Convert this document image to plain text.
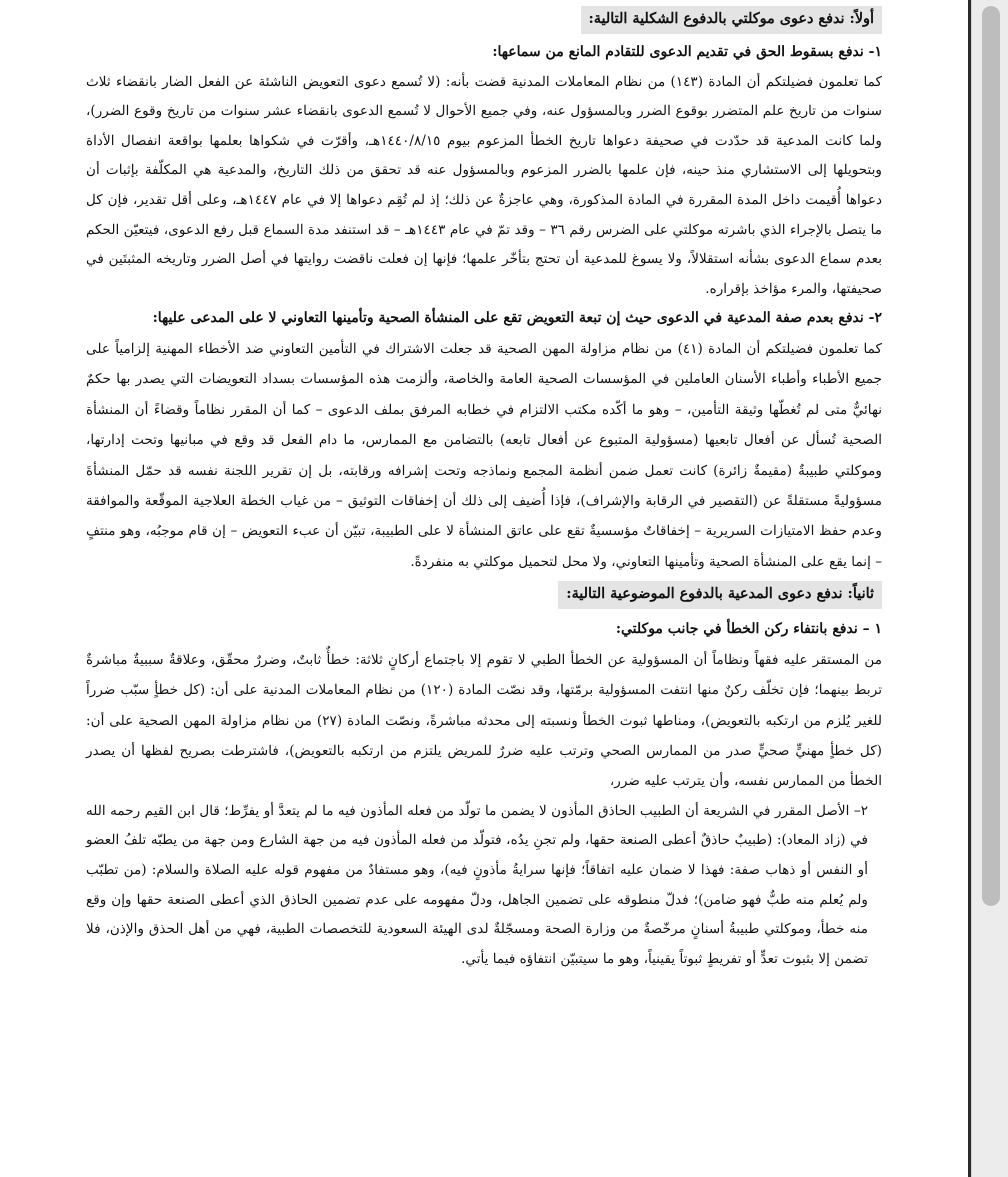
أولاً: ندفع دعوى موكلتي بالدفوع الشكلية التالية:
١- ندفع بسقوط الحق في تقديم الدعوى للتقادم المانع من سماعها:

كما تعلمون فضيلتكم أن المادة (١٤٣) من نظام المعاملات المدنية قضت بأنه: (لا تُسمع دعوى التعويض الناشئة عن الفعل الضار بانقضاء ثلاث سنوات من تاريخ علم المتضرر بوقوع الضرر وبالمسؤول عنه، وفي جميع الأحوال لا تُسمع الدعوى بانقضاء عشر سنوات من تاريخ وقوع الضرر)، ولما كانت المدعية قد حدّدت في صحيفة دعواها تاريخ الخطأ المزعوم بيوم ١٤٤٠/٨/١٥هـ، وأقرّت في شكواها بعلمها بواقعة انفصال الأداة وبتحويلها إلى الاستشاري منذ حينه، فإن علمها بالضرر المزعوم وبالمسؤول عنه قد تحقق من ذلك التاريخ، والمدعية هي المكلّفة بإثبات أن دعواها أُقيمت داخل المدة المقررة في المادة المذكورة، وهي عاجزةٌ عن ذلك؛ إذ لم تُقِم دعواها إلا في عام ١٤٤٧هـ، وعلى أقل تقدير، فإن كل ما يتصل بالإجراء الذي باشرته موكلتي على الضرس رقم ٣٦ – وقد تمّ في عام ١٤٤٣هـ – قد استنفد مدة السماع قبل رفع الدعوى، فيتعيّن الحكم بعدم سماع الدعوى بشأنه استقلالاً، ولا يسوغ للمدعية أن تحتج بتأخّر علمها؛ فإنها إن فعلت ناقضت روايتها في أصل الضرر وتاريخه المثبتَين في صحيفتها، والمرء مؤاخذ بإقراره.

٢- ندفع بعدم صفة المدعية في الدعوى حيث إن تبعة التعويض تقع على المنشأة الصحية وتأمينها التعاوني لا على المدعى عليها:

كما تعلمون فضيلتكم أن المادة (٤١) من نظام مزاولة المهن الصحية قد جعلت الاشتراك في التأمين التعاوني ضد الأخطاء المهنية إلزامياً على جميع الأطباء وأطباء الأسنان العاملين في المؤسسات الصحية العامة والخاصة، وألزمت هذه المؤسسات بسداد التعويضات التي يصدر بها حكمٌ نهائيٌّ متى لم تُغطّها وثيقة التأمين، – وهو ما أكّده مكتب الالتزام في خطابه المرفق بملف الدعوى – كما أن المقرر نظاماً وقضاءً أن المنشأة الصحية تُسأل عن أفعال تابعيها (مسؤولية المتبوع عن أفعال تابعه) بالتضامن مع الممارس، ما دام الفعل قد وقع في مبانيها وتحت إدارتها، وموكلتي طبيبةٌ (مقيمةٌ زائرة) كانت تعمل ضمن أنظمة المجمع ونماذجه وتحت إشرافه ورقابته، بل إن تقرير اللجنة نفسه قد حمّل المنشأةَ مسؤوليةً مستقلةً عن (التقصير في الرقابة والإشراف)، فإذا أُضيف إلى ذلك أن إخفاقات التوثيق – من غياب الخطة العلاجية الموقّعة والموافقة وعدم حفظ الامتيازات السريرية – إخفاقاتٌ مؤسسيةٌ تقع على عاتق المنشأة لا على الطبيبة، تبيّن أن عبء التعويض – إن قام موجبُه، وهو منتفٍ – إنما يقع على المنشأة الصحية وتأمينها التعاوني، ولا محل لتحميل موكلتي به منفردةً.

ثانياً: ندفع دعوى المدعية بالدفوع الموضوعية التالية:
١ – ندفع بانتفاء ركن الخطأ في جانب موكلتي:

من المستقر عليه فقهاً ونظاماً أن المسؤولية عن الخطأ الطبي لا تقوم إلا باجتماع أركانٍ ثلاثة: خطأٌ ثابتٌ، وضررٌ محقّق، وعلاقةٌ سببيةٌ مباشرةٌ تربط بينهما؛ فإن تخلّف ركنٌ منها انتفت المسؤولية برمّتها، وقد نصّت المادة (١٢٠) من نظام المعاملات المدنية على أن: (كل خطأٍ سبّب ضرراً للغير يُلزم من ارتكبه بالتعويض)، ومناطها ثبوت الخطأ ونسبته إلى محدثه مباشرةً، ونصّت المادة (٢٧) من نظام مزاولة المهن الصحية على أن: (كل خطأٍ مهنيٍّ صحيٍّ صدر من الممارس الصحي وترتب عليه ضررٌ للمريض يلتزم من ارتكبه بالتعويض)، فاشترطت بصريح لفظها أن يصدر الخطأ من الممارس نفسه، وأن يترتب عليه ضرر،

٢– الأصل المقرر في الشريعة أن الطبيب الحاذق المأذون لا يضمن ما تولّد من فعله المأذون فيه ما لم يتعدَّ أو يفرِّط؛ قال ابن القيم رحمه الله في (زاد المعاد): (طبيبٌ حاذقٌ أعطى الصنعة حقها، ولم تجنِ يدُه، فتولّد من فعله المأذون فيه من جهة الشارع ومن جهة من يطبّه تلفُ العضو أو النفس أو ذهاب صفة: فهذا لا ضمان عليه اتفاقاً؛ فإنها سرايةُ مأذونٍ فيه)، وهو مستفادٌ من مفهوم قوله عليه الصلاة والسلام: (من تطبّب ولم يُعلم منه طبٌّ فهو ضامن)؛ فدلّ منطوقه على تضمين الجاهل، ودلّ مفهومه على عدم تضمين الحاذق الذي أعطى الصنعة حقها وإن وقع منه خطأ، وموكلتي طبيبةُ أسنانٍ مرخّصةٌ من وزارة الصحة ومسجّلةٌ لدى الهيئة السعودية للتخصصات الطبية، فهي من أهل الحذق والإذن، فلا تضمن إلا بثبوت تعدٍّ أو تفريطٍ ثبوتاً يقينياً، وهو ما سيتبيّن انتفاؤه فيما يأتي.
